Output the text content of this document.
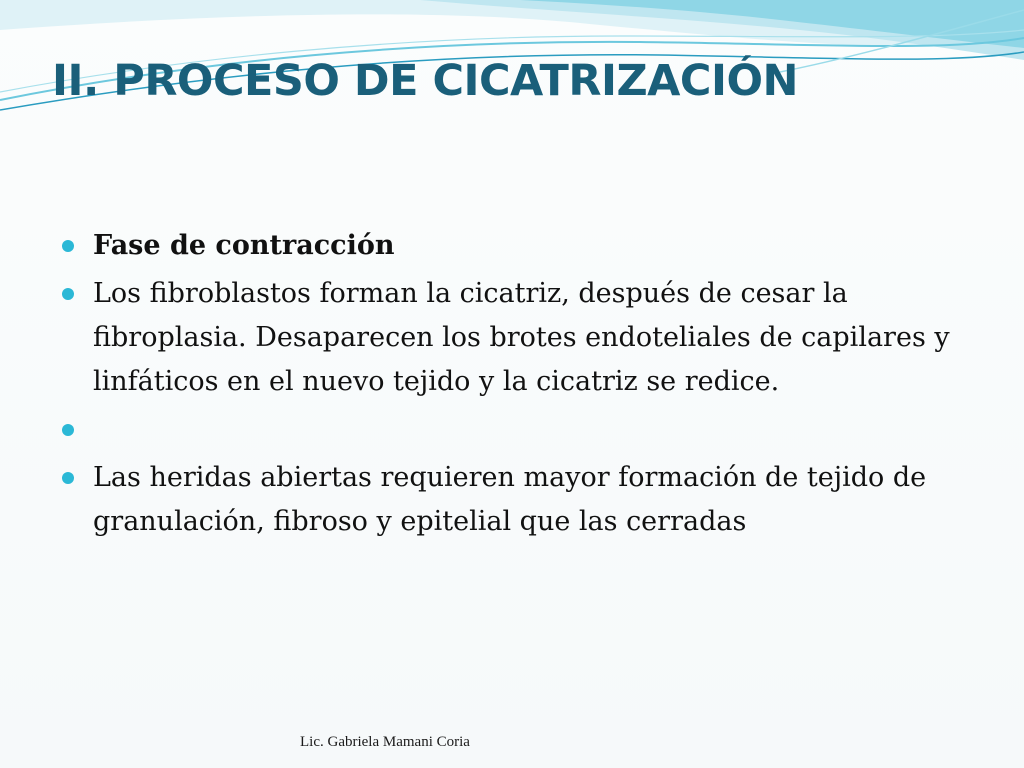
II. PROCESO DE CICATRIZACIÓN
Fase de contracción
Los fibroblastos forman la cicatriz, después de cesar la fibroplasia. Desaparecen los brotes endoteliales de capilares y linfáticos en el nuevo tejido y la cicatriz se redice.
Las heridas abiertas requieren mayor formación de tejido de granulación, fibroso y epitelial que las cerradas
Lic. Gabriela Mamani Coria
